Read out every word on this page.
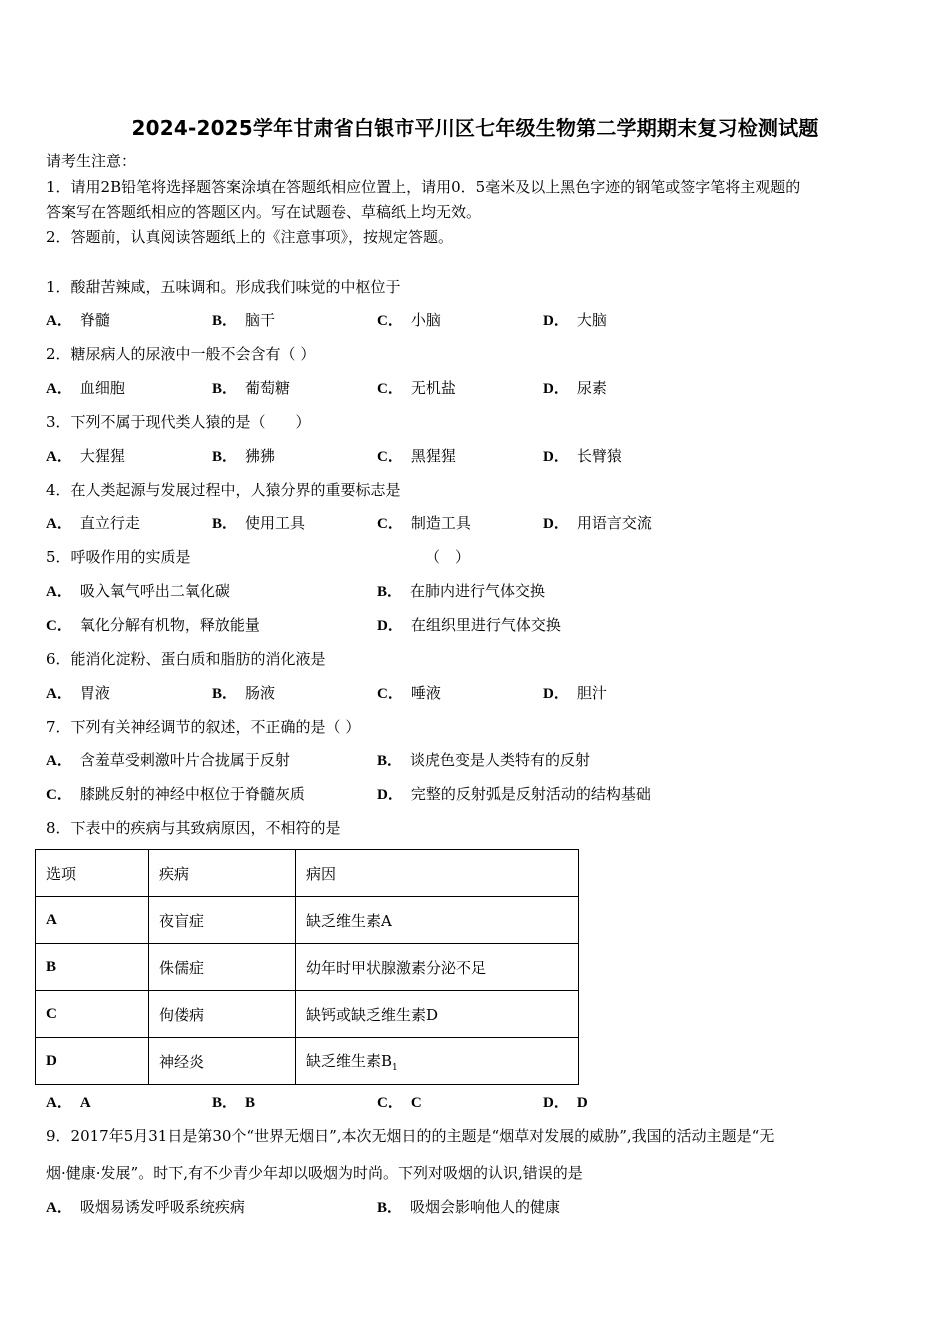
2024-2025学年甘肃省白银市平川区七年级生物第二学期期末复习检测试题
请考生注意：
1．请用2B铅笔将选择题答案涂填在答题纸相应位置上，请用0．5毫米及以上黑色字迹的钢笔或签字笔将主观题的
答案写在答题纸相应的答题区内。写在试题卷、草稿纸上均无效。
2．答题前，认真阅读答题纸上的《注意事项》，按规定答题。
1．酸甜苦辣咸，五味调和。形成我们味觉的中枢位于
A． 脊髓	B． 脑干	C． 小脑	D． 大脑
2．糖尿病人的尿液中一般不会含有（ ）
A． 血细胞	B． 葡萄糖	C． 无机盐	D． 尿素
3．下列不属于现代类人猿的是（　　）
A． 大猩猩	B． 狒狒	C． 黑猩猩	D． 长臂猿
4．在人类起源与发展过程中，人猿分界的重要标志是
A． 直立行走	B． 使用工具	C． 制造工具	D． 用语言交流
5．呼吸作用的实质是	（　）
A． 吸入氧气呼出二氧化碳	B． 在肺内进行气体交换
C． 氧化分解有机物，释放能量	D． 在组织里进行气体交换
6．能消化淀粉、蛋白质和脂肪的消化液是
A． 胃液	B． 肠液	C． 唾液	D． 胆汁
7．下列有关神经调节的叙述，不正确的是（ ）
A． 含羞草受刺激叶片合拢属于反射	B． 谈虎色变是人类特有的反射
C． 膝跳反射的神经中枢位于脊髓灰质	D． 完整的反射弧是反射活动的结构基础
8．下表中的疾病与其致病原因，不相符的是
选项	疾病	病因
A	夜盲症	缺乏维生素A
B	侏儒症	幼年时甲状腺激素分泌不足
C	佝偻病	缺钙或缺乏维生素D
D	神经炎	缺乏维生素$B_1$
A． A	B． B	C． C	D． D
9．2017年5月31日是第30个“世界无烟日”,本次无烟日的的主题是“烟草对发展的威胁”,我国的活动主题是“无
烟·健康·发展”。时下,有不少青少年却以吸烟为时尚。下列对吸烟的认识,错误的是
A． 吸烟易诱发呼吸系统疾病	B． 吸烟会影响他人的健康
